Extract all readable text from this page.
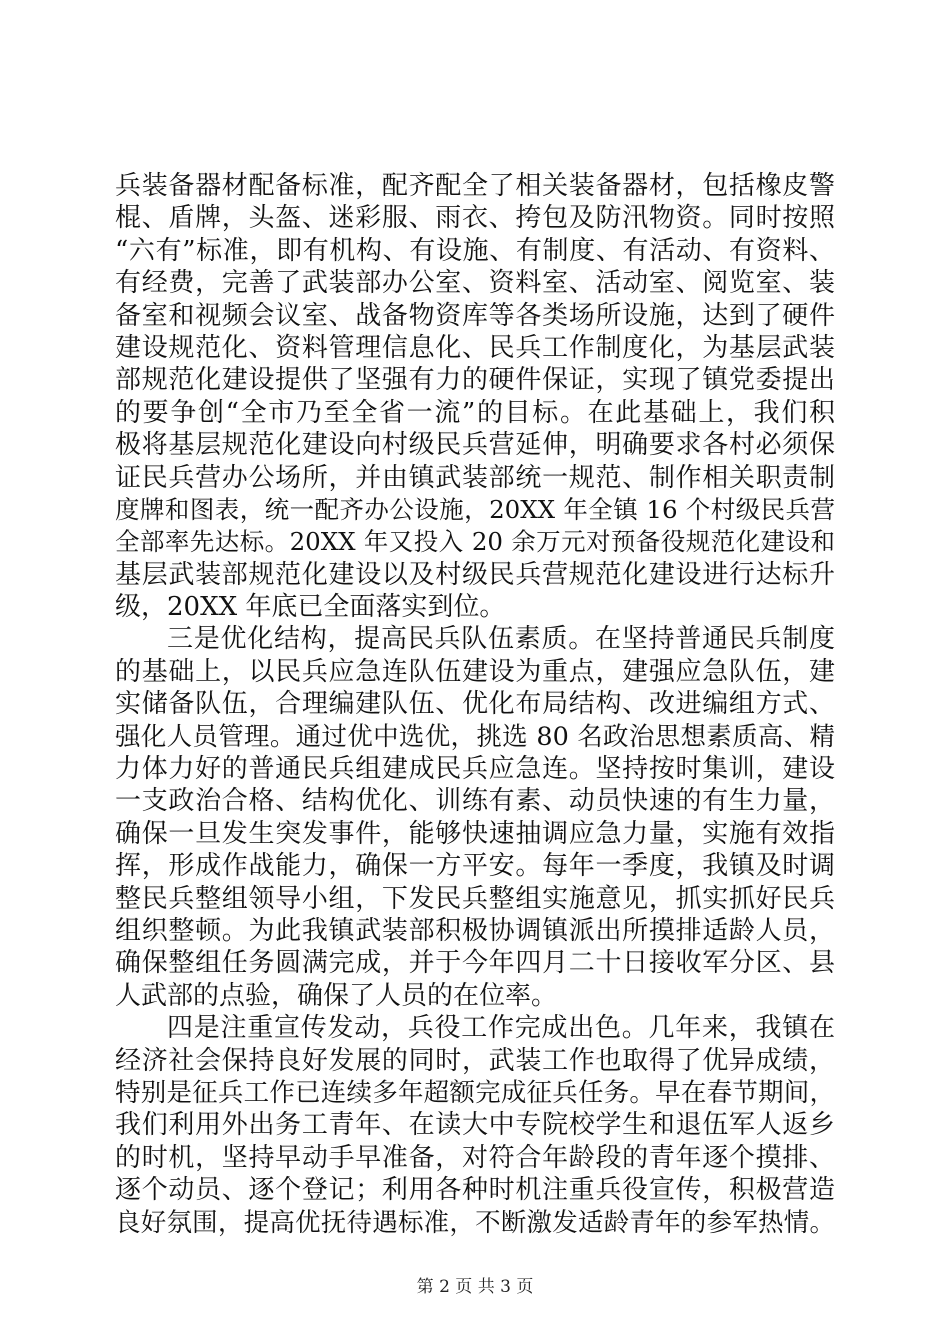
兵装备器材配备标准，配齐配全了相关装备器材，包括橡皮警
棍、盾牌，头盔、迷彩服、雨衣、挎包及防汛物资。同时按照
“六有”标准，即有机构、有设施、有制度、有活动、有资料、
有经费，完善了武装部办公室、资料室、活动室、阅览室、装
备室和视频会议室、战备物资库等各类场所设施，达到了硬件
建设规范化、资料管理信息化、民兵工作制度化，为基层武装
部规范化建设提供了坚强有力的硬件保证，实现了镇党委提出
的要争创“全市乃至全省一流”的目标。在此基础上，我们积
极将基层规范化建设向村级民兵营延伸，明确要求各村必须保
证民兵营办公场所，并由镇武装部统一规范、制作相关职责制
度牌和图表，统一配齐办公设施，20XX 年全镇 16 个村级民兵营
全部率先达标。20XX 年又投入 20 余万元对预备役规范化建设和
基层武装部规范化建设以及村级民兵营规范化建设进行达标升
级，20XX 年底已全面落实到位。
三是优化结构，提高民兵队伍素质。在坚持普通民兵制度
的基础上，以民兵应急连队伍建设为重点，建强应急队伍，建
实储备队伍，合理编建队伍、优化布局结构、改进编组方式、
强化人员管理。通过优中选优，挑选 80 名政治思想素质高、精
力体力好的普通民兵组建成民兵应急连。坚持按时集训，建设
一支政治合格、结构优化、训练有素、动员快速的有生力量，
确保一旦发生突发事件，能够快速抽调应急力量，实施有效指
挥，形成作战能力，确保一方平安。每年一季度，我镇及时调
整民兵整组领导小组，下发民兵整组实施意见，抓实抓好民兵
组织整顿。为此我镇武装部积极协调镇派出所摸排适龄人员，
确保整组任务圆满完成，并于今年四月二十日接收军分区、县
人武部的点验，确保了人员的在位率。
四是注重宣传发动，兵役工作完成出色。几年来，我镇在
经济社会保持良好发展的同时，武装工作也取得了优异成绩，
特别是征兵工作已连续多年超额完成征兵任务。早在春节期间，
我们利用外出务工青年、在读大中专院校学生和退伍军人返乡
的时机，坚持早动手早准备，对符合年龄段的青年逐个摸排、
逐个动员、逐个登记；利用各种时机注重兵役宣传，积极营造
良好氛围，提高优抚待遇标准，不断激发适龄青年的参军热情。
第 2 页 共 3 页
